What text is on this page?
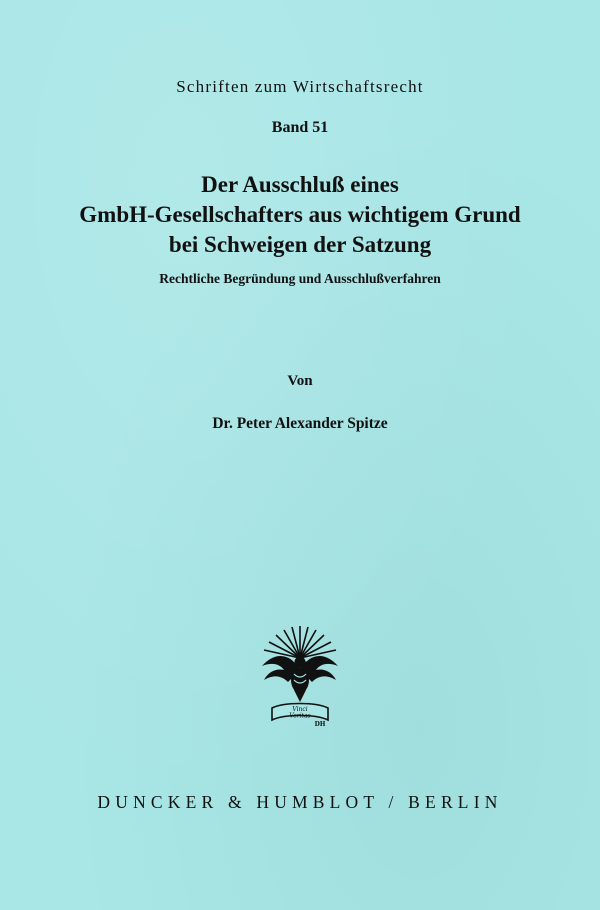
Schriften zum Wirtschaftsrecht
Band 51
Der Ausschluß eines
GmbH-Gesellschafters aus wichtigem Grund
bei Schweigen der Satzung
Rechtliche Begründung und Ausschlußverfahren
Von
Dr. Peter Alexander Spitze
Vinci
Veritas
DH
DUNCKER & HUMBLOT / BERLIN
